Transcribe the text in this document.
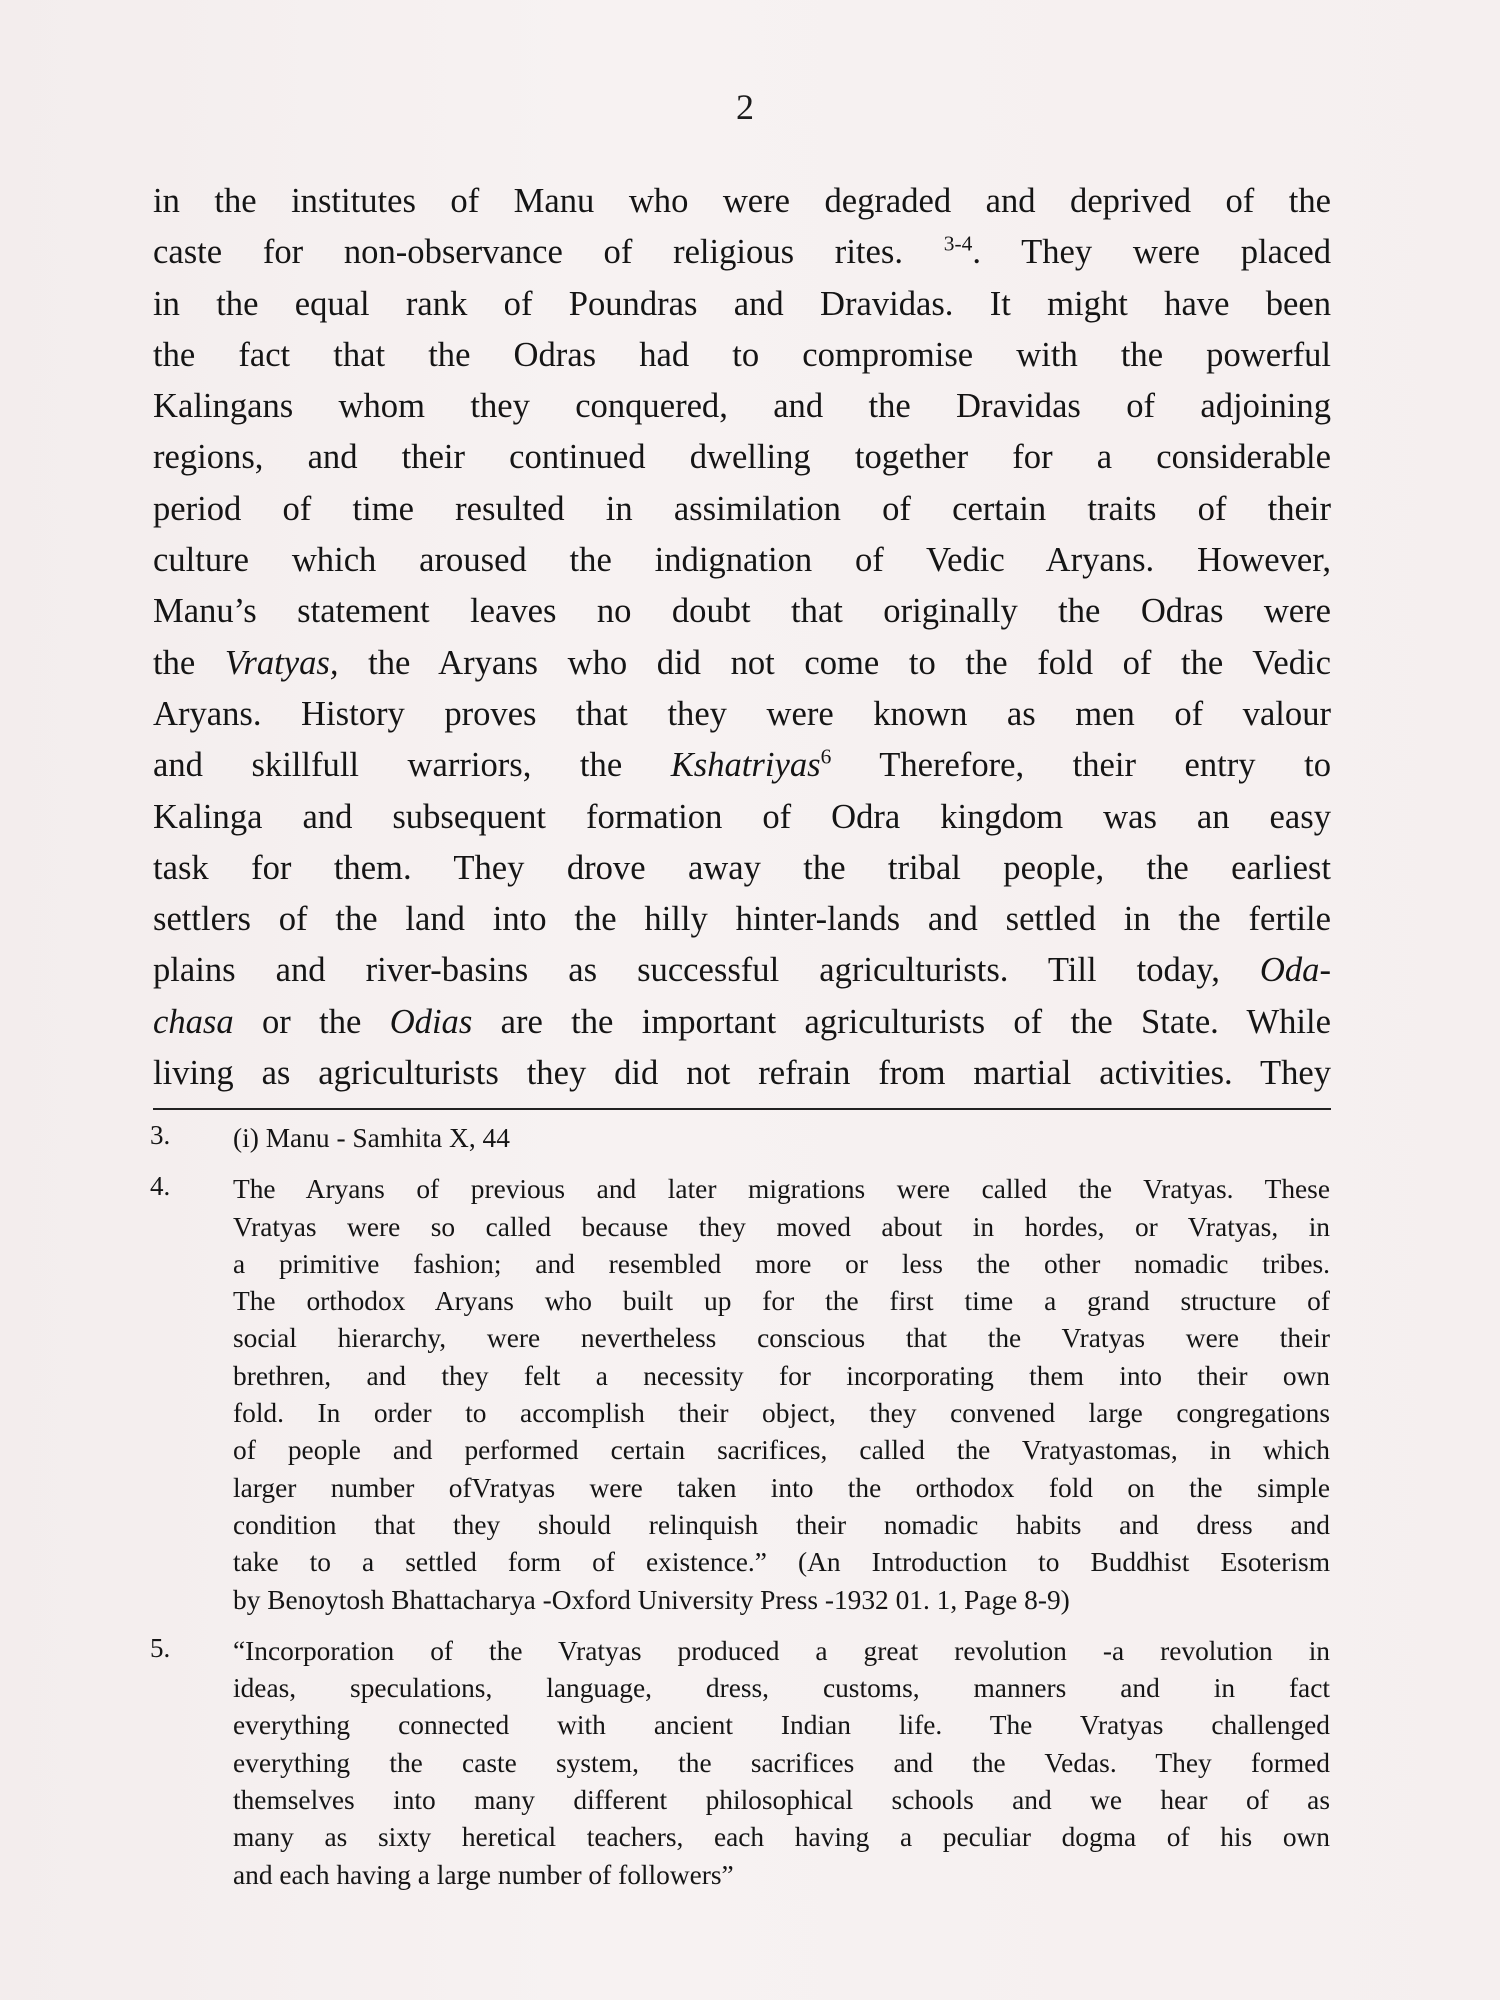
2
in the institutes of Manu who were degraded and deprived of the
caste for non-observance of religious rites. $^{3-4}$. They were placed
in the equal rank of Poundras and Dravidas. It might have been
the fact that the Odras had to compromise with the powerful
Kalingans whom they conquered, and the Dravidas of adjoining
regions, and their continued dwelling together for a considerable
period of time resulted in assimilation of certain traits of their
culture which aroused the indignation of Vedic Aryans. However,
Manu’s statement leaves no doubt that originally the Odras were
the Vratyas, the Aryans who did not come to the fold of the Vedic
Aryans. History proves that they were known as men of valour
and skillfull warriors, the Kshatriyas$^6$ Therefore, their entry to
Kalinga and subsequent formation of Odra kingdom was an easy
task for them. They drove away the tribal people, the earliest
settlers of the land into the hilly hinter-lands and settled in the fertile
plains and river-basins as successful agriculturists. Till today, Oda-
chasa or the Odias are the important agriculturists of the State. While
living as agriculturists they did not refrain from martial activities. They
3. (i) Manu - Samhita X, 44
4. The Aryans of previous and later migrations were called the Vratyas. These
Vratyas were so called because they moved about in hordes, or Vratyas, in
a primitive fashion; and resembled more or less the other nomadic tribes.
The orthodox Aryans who built up for the first time a grand structure of
social hierarchy, were nevertheless conscious that the Vratyas were their
brethren, and they felt a necessity for incorporating them into their own
fold. In order to accomplish their object, they convened large congregations
of people and performed certain sacrifices, called the Vratyastomas, in which
larger number ofVratyas were taken into the orthodox fold on the simple
condition that they should relinquish their nomadic habits and dress and
take to a settled form of existence.” (An Introduction to Buddhist Esoterism
by Benoytosh Bhattacharya -Oxford University Press -1932 01. 1, Page 8-9)
5. “Incorporation of the Vratyas produced a great revolution -a revolution in
ideas, speculations, language, dress, customs, manners and in fact
everything connected with ancient Indian life. The Vratyas challenged
everything the caste system, the sacrifices and the Vedas. They formed
themselves into many different philosophical schools and we hear of as
many as sixty heretical teachers, each having a peculiar dogma of his own
and each having a large number of followers”
